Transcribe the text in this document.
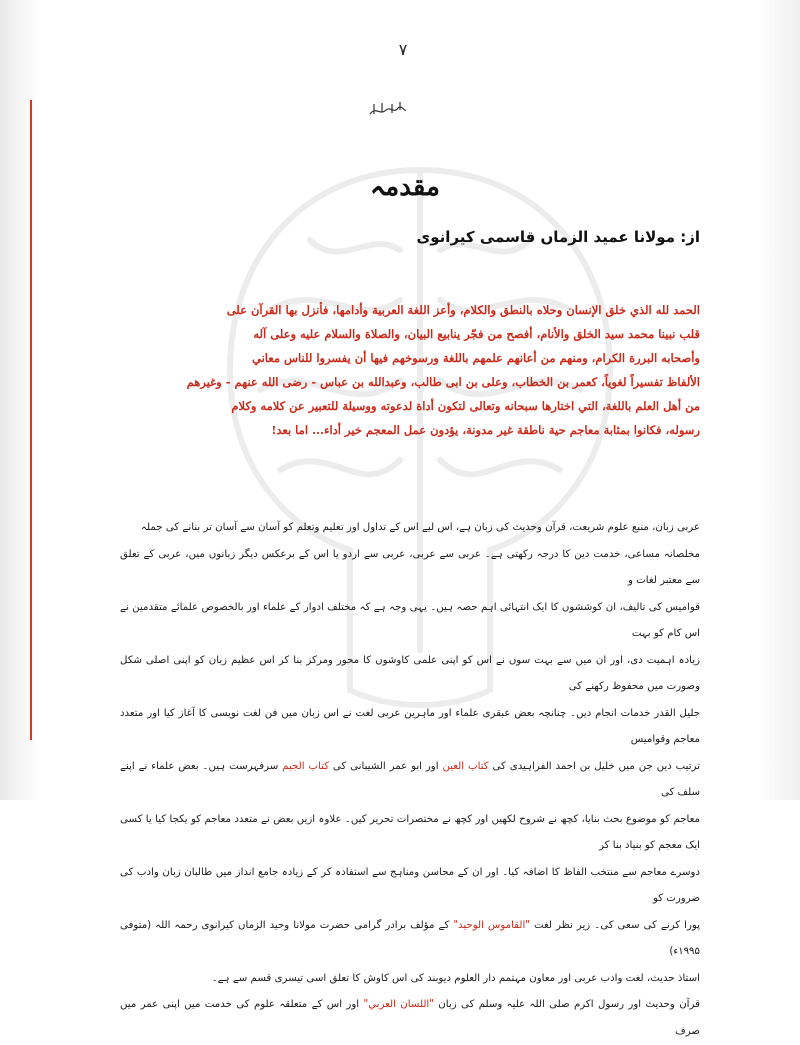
۷
مقدمہ
از: مولانا عمید الزماں قاسمی کیرانوی

الحمد لله الذي خلق الإنسان وحلاه بالنطق والكلام، وأعز اللغة العربية وأدامها، فأنزل بها القرآن على

قلب نبينا محمد سيد الخلق والأنام، أفصح من فجّر ينابيع البيان، والصلاة والسلام عليه وعلى آله

وأصحابه البررة الكرام، ومنهم من أعانهم علمهم باللغة ورسوخهم فيها أن يفسروا للناس معاني

الألفاظ تفسيراً لغوياً، كعمر بن الخطاب، وعلى بن ابى طالب، وعبدالله بن عباس - رضى الله عنهم - وغيرهم

من أهل العلم باللغة، التي اختارها سبحانه وتعالى لتكون أداة لدعوته ووسيلة للتعبير عن كلامه وكلام

رسوله، فكانوا بمثابة معاجم حية ناطقة غير مدونة، يؤدون عمل المعجم خير أداء... اما بعد!

عربی زبان، منبع علوم شریعت، قرآن وحدیث کی زبان ہے، اس لیے اس کے تداول اور تعلیم وتعلم کو آسان سے آسان تر بنانے کی جملہ

مخلصانہ مساعی، خدمت دین کا درجہ رکھتی ہے۔ عربی سے عربی، عربی سے اردو یا اس کے برعکس دیگر زبانوں میں، عربی کے تعلق سے معتبر لغات و

قوامیس کی تالیف، ان کوششوں کا ایک انتہائی اہم حصہ ہیں۔ یہی وجہ ہے کہ مختلف ادوار کے علماء اور بالخصوص علمائے متقدمین نے اس کام کو بہت

زیادہ اہمیت دی، اور ان میں سے بہت سوں نے اس کو اپنی علمی کاوشوں کا محور ومرکز بنا کر اس عظیم زبان کو اپنی اصلی شکل وصورت میں محفوظ رکھنے کی

جلیل القدر خدمات انجام دیں۔ چنانچہ بعض عبقری علماء اور ماہرین عربی لغت نے اس زبان میں فن لغت نویسی کا آغاز کیا اور متعدد معاجم وقوامیس

ترتیب دیں جن میں خلیل بن احمد الفراہیدی کی کتاب العین اور ابو عمر الشیبانی کی کتاب الجیم سرفہرست ہیں۔ بعض علماء نے اپنے سلف کی

معاجم کو موضوع بحث بنایا، کچھ نے شروح لکھیں اور کچھ نے مختصرات تحریر کیں۔ علاوہ ازیں بعض نے متعدد معاجم کو یکجا کیا یا کسی ایک معجم کو بنیاد بنا کر

دوسرے معاجم سے منتخب الفاظ کا اضافہ کیا۔ اور ان کے محاسن ومناہج سے استفادہ کر کے زیادہ جامع انداز میں طالبان زبان وادب کی ضرورت کو

پورا کرنے کی سعی کی۔ زیر نظر لغت "القاموس الوحید" کے مؤلف برادر گرامی حضرت مولانا وحید الزماں کیرانوی رحمہ اللہ (متوفی ۱۹۹۵ء)

استاذ حدیث، لغت وادب عربی اور معاون مہتمم دار العلوم دیوبند کی اس کاوش کا تعلق اسی تیسری قسم سے ہے۔

قرآن وحدیث اور رسول اکرم صلی اللہ علیہ وسلم کی زبان "اللسان العربي" اور اس کے متعلقہ علوم کی خدمت میں اپنی عمر میں صرف
